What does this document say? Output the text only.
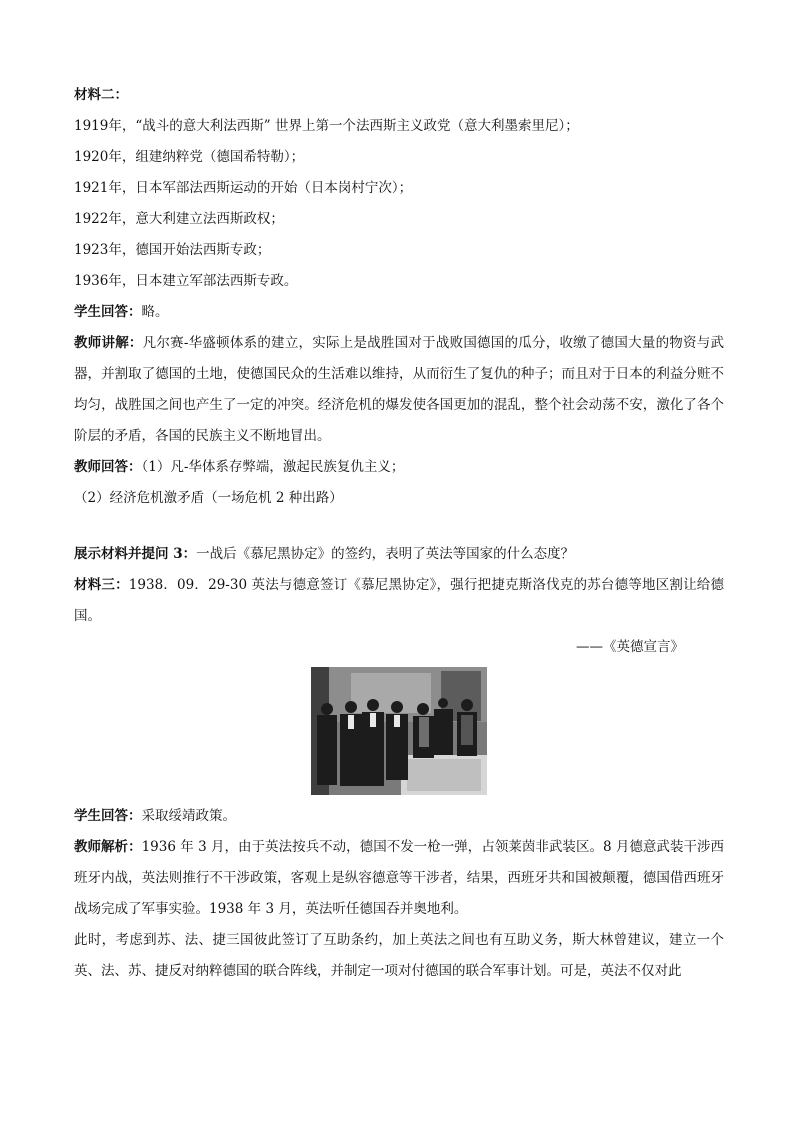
材料二：

1919年，“战斗的意大利法西斯” 世界上第一个法西斯主义政党（意大利墨索里尼）；

1920年，组建纳粹党（德国希特勒）；

1921年，日本军部法西斯运动的开始（日本岗村宁次）；

1922年，意大利建立法西斯政权；

1923年，德国开始法西斯专政；

1936年，日本建立军部法西斯专政。

学生回答：略。

教师讲解：凡尔赛-华盛顿体系的建立，实际上是战胜国对于战败国德国的瓜分，收缴了德国大量的物资与武器，并割取了德国的土地，使德国民众的生活难以维持，从而衍生了复仇的种子；而且对于日本的利益分赃不均匀，战胜国之间也产生了一定的冲突。经济危机的爆发使各国更加的混乱，整个社会动荡不安，激化了各个阶层的矛盾，各国的民族主义不断地冒出。

教师回答：（1）凡-华体系存弊端，激起民族复仇主义；

（2）经济危机激矛盾（一场危机 2 种出路）

展示材料并提问 3：一战后《慕尼黑协定》的签约，表明了英法等国家的什么态度？

材料三：1938．09．29-30 英法与德意签订《慕尼黑协定》，强行把捷克斯洛伐克的苏台德等地区割让给德国。

——《英德宣言》

学生回答：采取绥靖政策。

教师解析：1936 年 3 月，由于英法按兵不动，德国不发一枪一弹，占领莱茵非武装区。8 月德意武装干涉西班牙内战，英法则推行不干涉政策，客观上是纵容德意等干涉者，结果，西班牙共和国被颠覆，德国借西班牙战场完成了军事实验。1938 年 3 月，英法听任德国吞并奥地利。

此时，考虑到苏、法、捷三国彼此签订了互助条约，加上英法之间也有互助义务，斯大林曾建议，建立一个英、法、苏、捷反对纳粹德国的联合阵线，并制定一项对付德国的联合军事计划。可是，英法不仅对此
